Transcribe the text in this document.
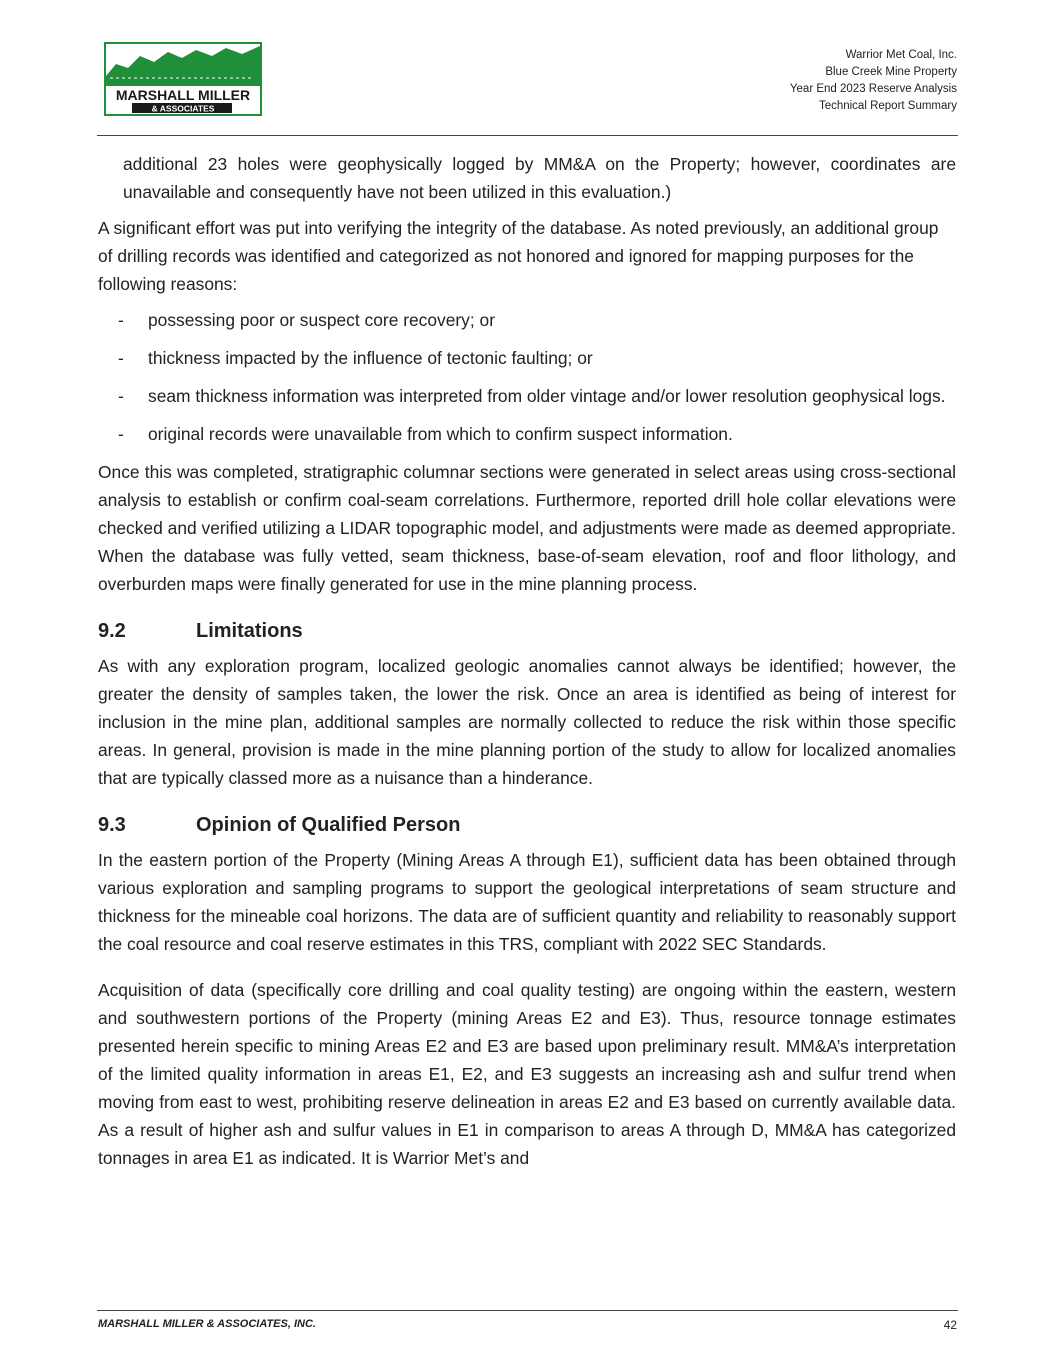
MARSHALL MILLER
& ASSOCIATES
Warrior Met Coal, Inc.
Blue Creek Mine Property
Year End 2023 Reserve Analysis
Technical Report Summary

additional 23 holes were geophysically logged by MM&A on the Property; however, coordinates are unavailable and consequently have not been utilized in this evaluation.)

A significant effort was put into verifying the integrity of the database. As noted previously, an additional group of drilling records was identified and categorized as not honored and ignored for mapping purposes for the following reasons:

-	possessing poor or suspect core recovery; or
-	thickness impacted by the influence of tectonic faulting; or
-	seam thickness information was interpreted from older vintage and/or lower resolution geophysical logs.
-	original records were unavailable from which to confirm suspect information.

Once this was completed, stratigraphic columnar sections were generated in select areas using cross-sectional analysis to establish or confirm coal-seam correlations. Furthermore, reported drill hole collar elevations were checked and verified utilizing a LIDAR topographic model, and adjustments were made as deemed appropriate. When the database was fully vetted, seam thickness, base-of-seam elevation, roof and floor lithology, and overburden maps were finally generated for use in the mine planning process.

9.2	Limitations

As with any exploration program, localized geologic anomalies cannot always be identified; however, the greater the density of samples taken, the lower the risk. Once an area is identified as being of interest for inclusion in the mine plan, additional samples are normally collected to reduce the risk within those specific areas. In general, provision is made in the mine planning portion of the study to allow for localized anomalies that are typically classed more as a nuisance than a hinderance.

9.3	Opinion of Qualified Person

In the eastern portion of the Property (Mining Areas A through E1), sufficient data has been obtained through various exploration and sampling programs to support the geological interpretations of seam structure and thickness for the mineable coal horizons. The data are of sufficient quantity and reliability to reasonably support the coal resource and coal reserve estimates in this TRS, compliant with 2022 SEC Standards.

Acquisition of data (specifically core drilling and coal quality testing) are ongoing within the eastern, western and southwestern portions of the Property (mining Areas E2 and E3). Thus, resource tonnage estimates presented herein specific to mining Areas E2 and E3 are based upon preliminary result. MM&A’s interpretation of the limited quality information in areas E1, E2, and E3 suggests an increasing ash and sulfur trend when moving from east to west, prohibiting reserve delineation in areas E2 and E3 based on currently available data. As a result of higher ash and sulfur values in E1 in comparison to areas A through D, MM&A has categorized tonnages in area E1 as indicated. It is Warrior Met’s and

MARSHALL MILLER & ASSOCIATES, INC.	42
